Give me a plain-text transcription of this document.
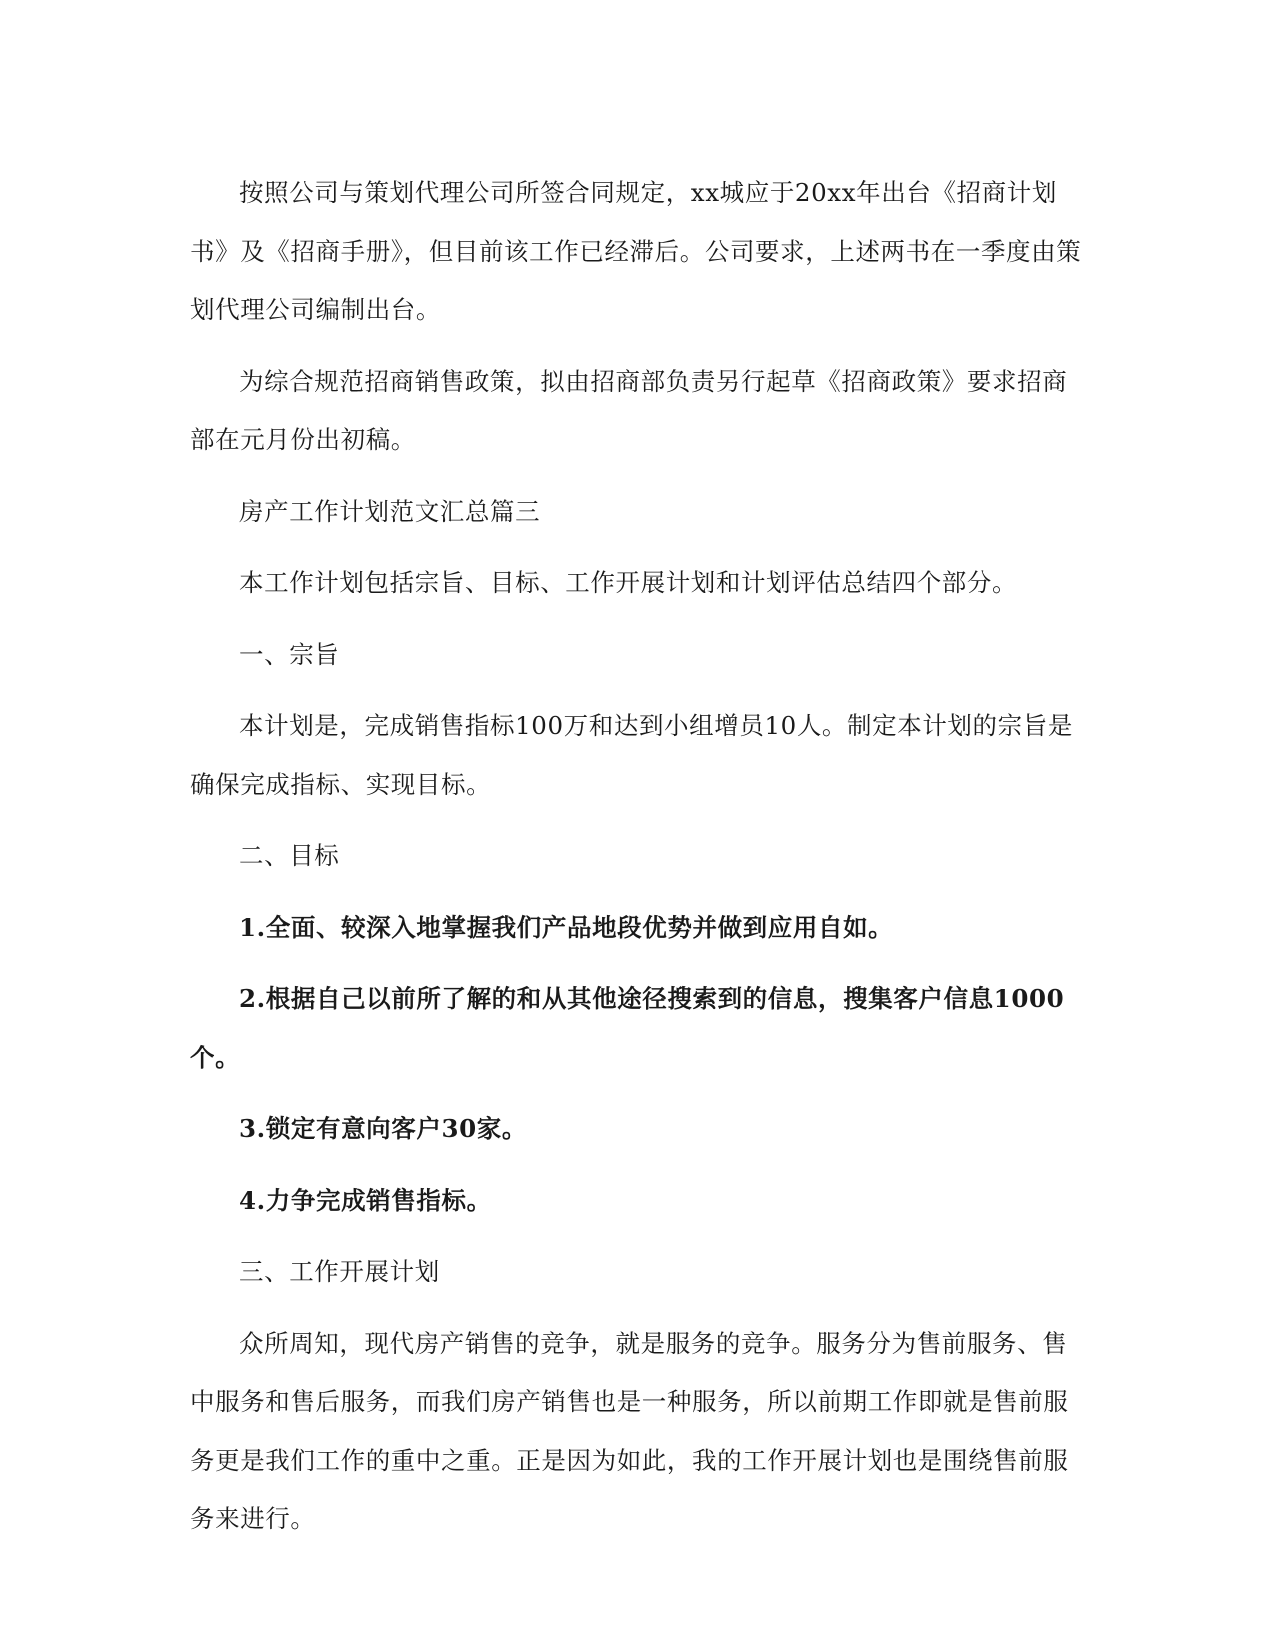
按照公司与策划代理公司所签合同规定，xx城应于20xx年出台《招商计划书》及《招商手册》，但目前该工作已经滞后。公司要求，上述两书在一季度由策划代理公司编制出台。

为综合规范招商销售政策，拟由招商部负责另行起草《招商政策》要求招商部在元月份出初稿。

房产工作计划范文汇总篇三

本工作计划包括宗旨、目标、工作开展计划和计划评估总结四个部分。

一、宗旨

本计划是，完成销售指标100万和达到小组增员10人。制定本计划的宗旨是确保完成指标、实现目标。

二、目标

1.全面、较深入地掌握我们产品地段优势并做到应用自如。

2.根据自己以前所了解的和从其他途径搜索到的信息，搜集客户信息1000个。

3.锁定有意向客户30家。

4.力争完成销售指标。

三、工作开展计划

众所周知，现代房产销售的竞争，就是服务的竞争。服务分为售前服务、售中服务和售后服务，而我们房产销售也是一种服务，所以前期工作即就是售前服务更是我们工作的重中之重。正是因为如此，我的工作开展计划也是围绕售前服务来进行。
